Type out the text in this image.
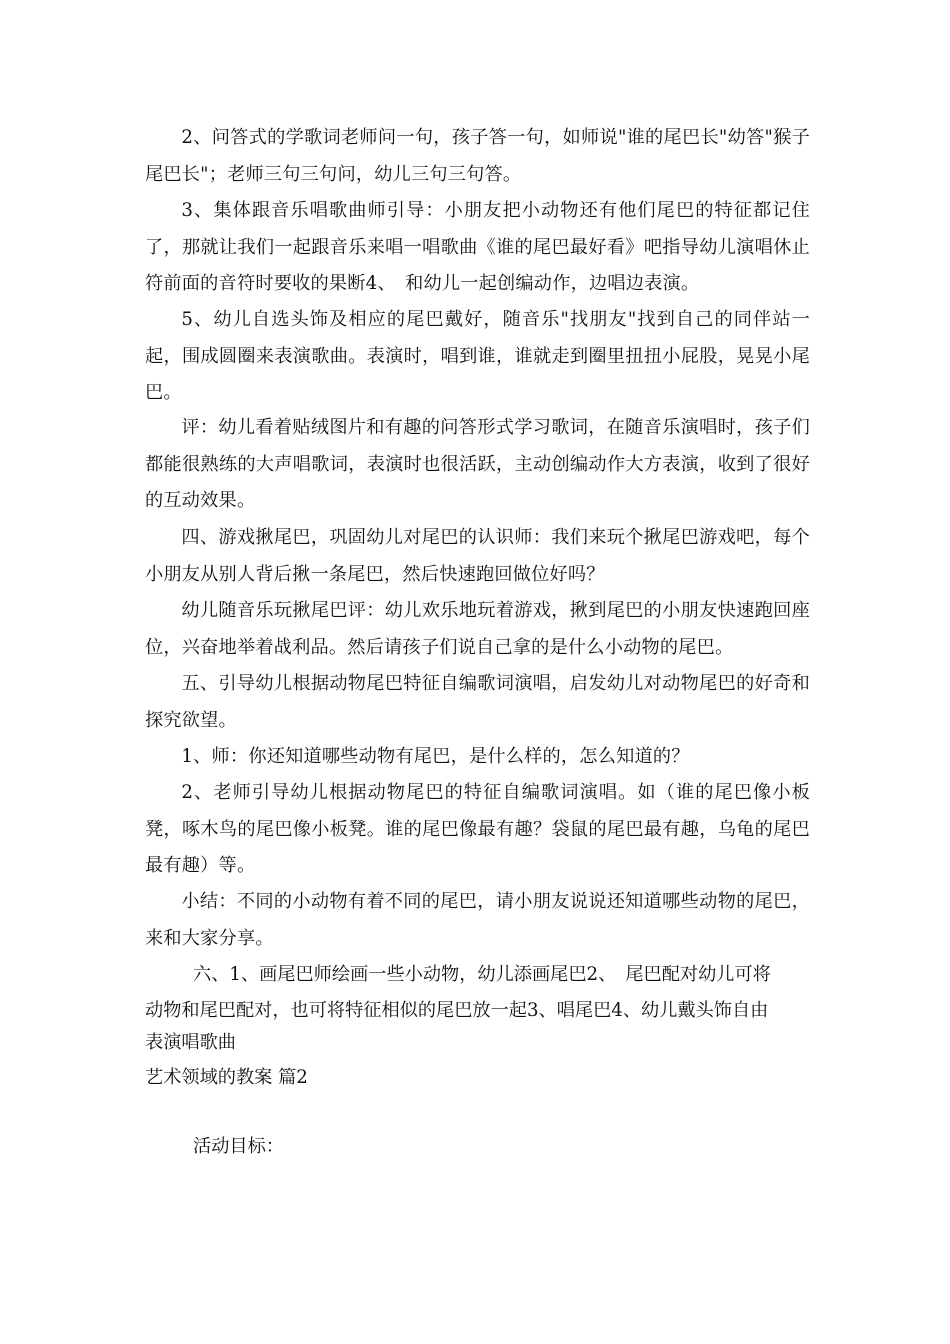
2、问答式的学歌词老师问一句，孩子答一句，如师说"谁的尾巴长"幼答"猴子尾巴长"；老师三句三句问，幼儿三句三句答。

3、集体跟音乐唱歌曲师引导：小朋友把小动物还有他们尾巴的特征都记住了，那就让我们一起跟音乐来唱一唱歌曲《谁的尾巴最好看》吧指导幼儿演唱休止符前面的音符时要收的果断4、　和幼儿一起创编动作，边唱边表演。

5、幼儿自选头饰及相应的尾巴戴好，随音乐"找朋友"找到自己的同伴站一起，围成圆圈来表演歌曲。表演时，唱到谁，谁就走到圈里扭扭小屁股，晃晃小尾巴。

评：幼儿看着贴绒图片和有趣的问答形式学习歌词，在随音乐演唱时，孩子们都能很熟练的大声唱歌词，表演时也很活跃，主动创编动作大方表演，收到了很好的互动效果。

四、游戏揪尾巴，巩固幼儿对尾巴的认识师：我们来玩个揪尾巴游戏吧，每个小朋友从别人背后揪一条尾巴，然后快速跑回做位好吗？

幼儿随音乐玩揪尾巴评：幼儿欢乐地玩着游戏，揪到尾巴的小朋友快速跑回座位，兴奋地举着战利品。然后请孩子们说自己拿的是什么小动物的尾巴。

五、引导幼儿根据动物尾巴特征自编歌词演唱，启发幼儿对动物尾巴的好奇和探究欲望。

1、师：你还知道哪些动物有尾巴，是什么样的，怎么知道的？

2、老师引导幼儿根据动物尾巴的特征自编歌词演唱。如（谁的尾巴像小板凳，啄木鸟的尾巴像小板凳。谁的尾巴像最有趣？袋鼠的尾巴最有趣，乌龟的尾巴最有趣）等。

小结：不同的小动物有着不同的尾巴，请小朋友说说还知道哪些动物的尾巴，来和大家分享。

六、1、画尾巴师绘画一些小动物，幼儿添画尾巴2、　尾巴配对幼儿可将
动物和尾巴配对，也可将特征相似的尾巴放一起3、唱尾巴4、幼儿戴头饰自由
表演唱歌曲
艺术领域的教案 篇2
活动目标：
